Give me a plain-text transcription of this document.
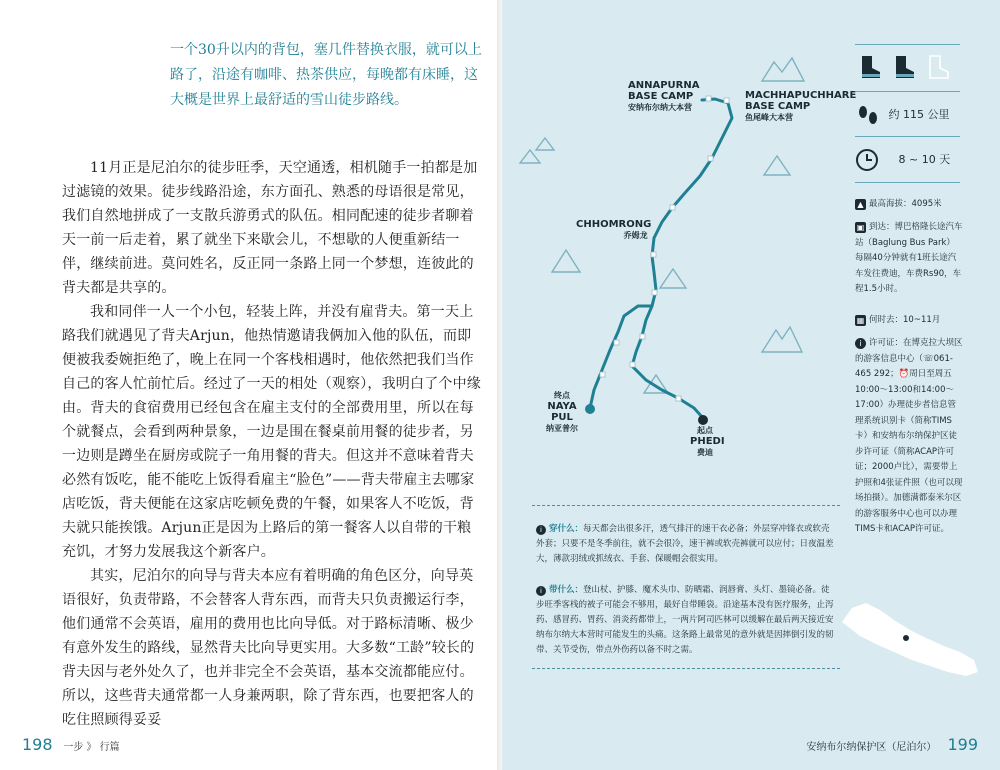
一个30升以内的背包，塞几件替换衣服，就可以上路了，沿途有咖啡、热茶供应，每晚都有床睡，这大概是世界上最舒适的雪山徒步路线。

11月正是尼泊尔的徒步旺季，天空通透，相机随手一拍都是加过滤镜的效果。徒步线路沿途，东方面孔、熟悉的母语很是常见，我们自然地拼成了一支散兵游勇式的队伍。相同配速的徒步者聊着天一前一后走着，累了就坐下来歇会儿，不想歇的人便重新结一伴，继续前进。莫问姓名，反正同一条路上同一个梦想，连彼此的背夫都是共享的。

我和同伴一人一个小包，轻装上阵，并没有雇背夫。第一天上路我们就遇见了背夫Arjun，他热情邀请我俩加入他的队伍，而即便被我委婉拒绝了，晚上在同一个客栈相遇时，他依然把我们当作自己的客人忙前忙后。经过了一天的相处（观察），我明白了个中缘由。背夫的食宿费用已经包含在雇主支付的全部费用里，所以在每个就餐点，会看到两种景象，一边是围在餐桌前用餐的徒步者，另一边则是蹲坐在厨房或院子一角用餐的背夫。但这并不意味着背夫必然有饭吃，能不能吃上饭得看雇主“脸色”——背夫带雇主去哪家店吃饭，背夫便能在这家店吃顿免费的午餐，如果客人不吃饭，背夫就只能挨饿。Arjun正是因为上路后的第一餐客人以自带的干粮充饥，才努力发展我这个新客户。

其实，尼泊尔的向导与背夫本应有着明确的角色区分，向导英语很好，负责带路，不会替客人背东西，而背夫只负责搬运行李，他们通常不会英语，雇用的费用也比向导低。对于路标清晰、极少有意外发生的路线，显然背夫比向导更实用。大多数“工龄”较长的背夫因与老外处久了，也并非完全不会英语，基本交流都能应付。所以，这些背夫通常都一人身兼两职，除了背东西，也要把客人的吃住照顾得妥妥

198 一步 》 行篇
ANNAPURNA BASE CAMP
安纳布尔纳大本营
MACHHAPUCHHARE BASE CAMP
鱼尾峰大本营
CHHOMRONG
乔姆龙
终点
NAYA PUL
纳亚普尔	起点
PHEDI
费迪
约 115 公里
8 ~ 10 天
▲ 最高海拔：4095米
▣ 到达：博巴格隆长途汽车站（Baglung Bus Park）每隔40分钟就有1班长途汽车发往费迪，车费Rs90，车程1.5小时。
▦ 何时去：10~11月
i 许可证：在博克拉大坝区的游客信息中心（☏061-465 292；⏰周日至周五 10:00～13:00和14:00～17:00）办理徒步者信息管理系统识别卡（简称TIMS卡）和安纳布尔纳保护区徒步许可证（简称ACAP许可证；2000卢比），需要带上护照和4张证件照（也可以现场拍摄）。加德满都泰米尔区的游客服务中心也可以办理TIMS卡和ACAP许可证。
i 穿什么：每天都会出很多汗，透气排汗的速干衣必备；外层穿冲锋衣或软壳外套；只要不是冬季前往，就不会很冷，速干裤或软壳裤就可以应付；日夜温差大，薄款羽绒或抓绒衣、手套、保暖帽会很实用。
i 带什么：登山杖、护膝、魔术头巾、防晒霜、润唇膏、头灯、墨镜必备。徒步旺季客栈的被子可能会不够用，最好自带睡袋。沿途基本没有医疗服务，止泻药、感冒药、胃药、消炎药都带上，一两片阿司匹林可以缓解在最后两天接近安纳布尔纳大本营时可能发生的头痛。这条路上最常见的意外就是因摔倒引发的韧带、关节受伤，带点外伤药以备不时之需。
安纳布尔纳保护区（尼泊尔） 199
